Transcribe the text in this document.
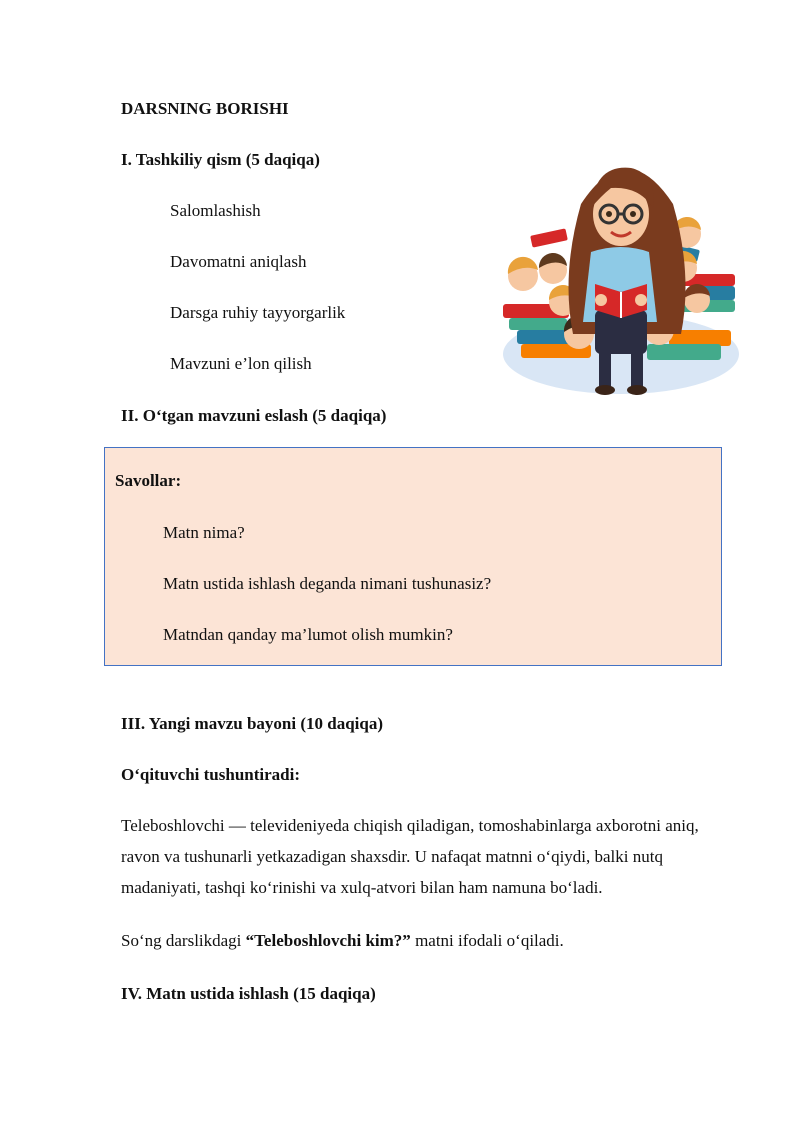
DARSNING BORISHI
I. Tashkiliy qism (5 daqiqa)
Salomlashish
Davomatni aniqlash
Darsga ruhiy tayyorgarlik
Mavzuni e’lon qilish
II. O‘tgan mavzuni eslash (5 daqiqa)
Savollar:
Matn nima?
Matn ustida ishlash deganda nimani tushunasiz?
Matndan qanday ma’lumot olish mumkin?
III. Yangi mavzu bayoni (10 daqiqa)
O‘qituvchi tushuntiradi:
Teleboshlovchi — televideniyeda chiqish qiladigan, tomoshabinlarga axborotni aniq, ravon va tushunarli yetkazadigan shaxsdir. U nafaqat matnni o‘qiydi, balki nutq madaniyati, tashqi ko‘rinishi va xulq-atvori bilan ham namuna bo‘ladi.
So‘ng darslikdagi “Teleboshlovchi kim?” matni ifodali o‘qiladi.
IV. Matn ustida ishlash (15 daqiqa)
